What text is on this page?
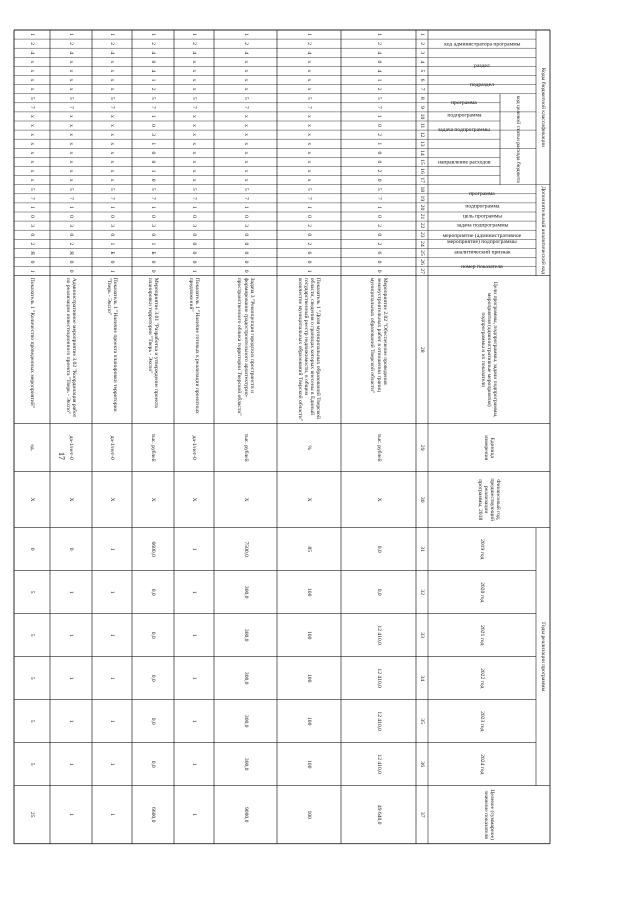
17
Коды бюджетной классификации
Дополнительный аналитический код
Годы реализации программы
код администратора программы
раздел
подраздел
код целевой статьи расхода бюджета
программа
подпрограмма
задача подпрограммы
направление расходов
программа
подпрограмма
цель программы
задача подпрограммы
мероприятие (административное мероприятие) подпрограммы
аналитический признак
номер показателя
Цели программы, подпрограммы, задачи подпрограммы, мероприятия (административные мероприятия) подпрограммы и их показатели
Единица измерения
Финансовый год, предшествующий реализации программы, 2018
2019 год
2020 год
2021 год
2022 год
2023 год
2024 год
Целевое (суммарное) значение показателя
1
2
3
4
5
6
7
8
9
10
11
12
13
14
15
16
17
18
19
20
21
22
23
24
25
26
27
28
29
30
31
32
33
34
35
36
37
1
2
4
0
4
1
2
5
7
1
0
2
1
0
0
2
0
5
7
1
0
2
0
2
6
0
0
Мероприятие 2.02 "Обеспечение проведения землеустроительных работ в отношении границ муниципальных образований Тверской области"
тыс. рублей
X
0,0
0,0
12 410,0
12 410,0
12 410,0
12 410,0
49 640,0
1
2
4
x
x
x
x
5
7
x
x
x
x
x
x
x
x
5
7
1
0
2
0
2
6
0
1
Показатель 1 "Доля муниципальных образований Тверской области, сведения о границах которых внесены в Единый государственный реестр недвижимости, в общем количестве муниципальных образований Тверской области"
%
X
85
100
100
100
100
100
100
1
2
4
x
x
x
x
5
7
x
x
x
x
x
x
x
x
5
7
1
0
3
0
0
0
0
0
Задача 3 "Реконцепция городских пространств и формирование градостроительного архитектурно-пространственного облика территории Тверской области"
тыс. рублей
X
7500,0
300,0
300,0
300,0
300,0
300,0
9000,0
1
2
4
x
x
x
x
5
7
x
x
x
x
x
x
x
x
5
7
1
0
3
0
0
0
0
1
Показатель 1 "Наличие готовых к реализации проектных предложений"
да-1/нет-0
X
1
1
1
1
1
1
1
1
2
4
0
4
1
2
5
7
1
0
3
1
0
0
1
0
5
7
1
0
3
0
1
Б
0
0
Мероприятие 3.01 "Разработка и утверждение проекта планировки территории "Тверь - Экспо"
тыс. рублей
X
6600,0
0,0
0,0
0,0
0,0
0,0
6600,0
1
2
4
x
x
x
x
5
7
x
x
x
x
x
x
x
x
5
7
1
0
3
0
1
Б
0
1
Показатель 1 "Наличие проекта планировки территории "Тверь - Экспо"
да-1/нет-0
X
1
1
1
1
1
1
1
1
2
4
x
x
x
x
5
7
x
x
x
x
x
x
x
x
5
7
1
0
3
0
2
Я
0
0
Административное мероприятие 3.02 "Координация работ по реализации инвестиционного проекта "Тверь - Экспо"
да-1/нет-0
X
0
1
1
1
1
1
1
1
2
4
x
x
x
x
5
7
x
x
x
x
x
x
x
x
5
7
1
0
3
0
2
Я
0
1
Показатель 1 "Количество проведенных мероприятий"
ед.
X
0
5
5
5
5
5
25
